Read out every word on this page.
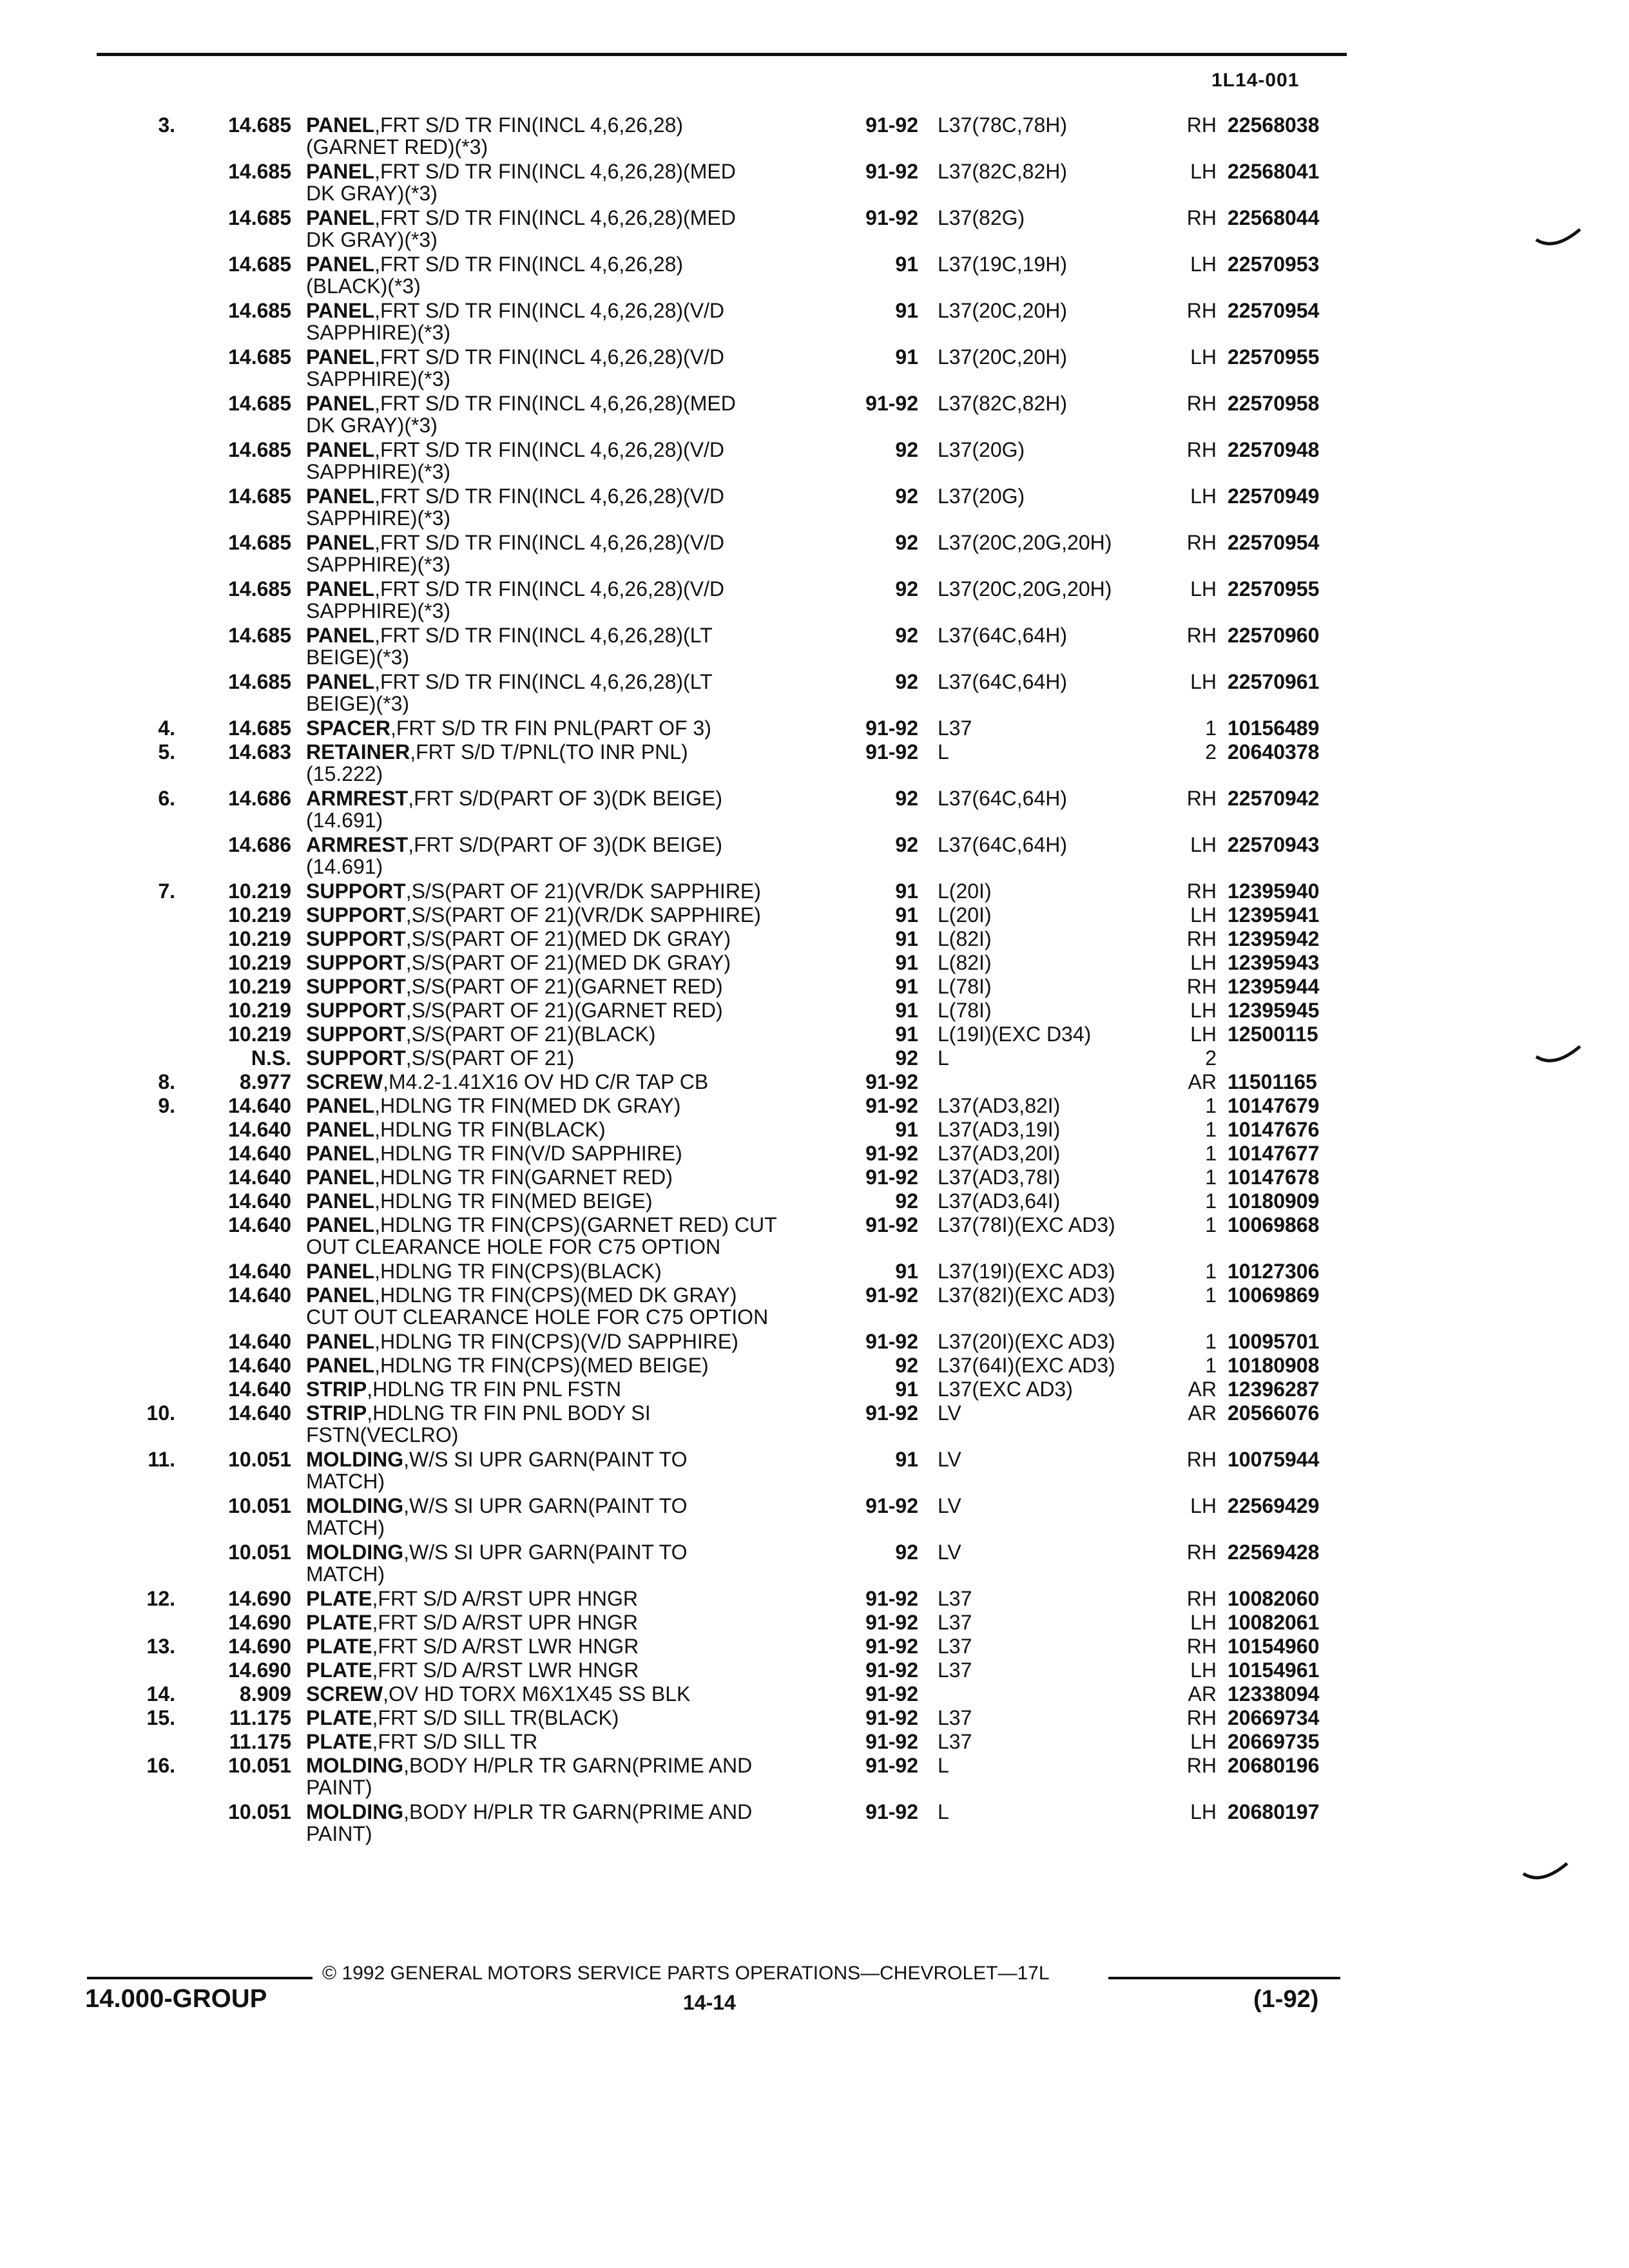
1L14-001
3.	14.685 PANEL,FRT S/D TR FIN(INCL 4,6,26,28)
(GARNET RED)(*3)
91-92 L37(78C,78H)	RH 22568038
14.685 PANEL,FRT S/D TR FIN(INCL 4,6,26,28)(MED
DK GRAY)(*3)
91-92 L37(82C,82H)	LH 22568041
14.685 PANEL,FRT S/D TR FIN(INCL 4,6,26,28)(MED
DK GRAY)(*3)
91-92 L37(82G)	RH 22568044
14.685 PANEL,FRT S/D TR FIN(INCL 4,6,26,28)
(BLACK)(*3)
91 L37(19C,19H)	LH 22570953
14.685 PANEL,FRT S/D TR FIN(INCL 4,6,26,28)(V/D
SAPPHIRE)(*3)
91 L37(20C,20H)	RH 22570954
14.685 PANEL,FRT S/D TR FIN(INCL 4,6,26,28)(V/D
SAPPHIRE)(*3)
91 L37(20C,20H)	LH 22570955
14.685 PANEL,FRT S/D TR FIN(INCL 4,6,26,28)(MED
DK GRAY)(*3)
91-92 L37(82C,82H)	RH 22570958
14.685 PANEL,FRT S/D TR FIN(INCL 4,6,26,28)(V/D
SAPPHIRE)(*3)
92 L37(20G)	RH 22570948
14.685 PANEL,FRT S/D TR FIN(INCL 4,6,26,28)(V/D
SAPPHIRE)(*3)
92 L37(20G)	LH 22570949
14.685 PANEL,FRT S/D TR FIN(INCL 4,6,26,28)(V/D
SAPPHIRE)(*3)
92 L37(20C,20G,20H)	RH 22570954
14.685 PANEL,FRT S/D TR FIN(INCL 4,6,26,28)(V/D
SAPPHIRE)(*3)
92 L37(20C,20G,20H)	LH 22570955
14.685 PANEL,FRT S/D TR FIN(INCL 4,6,26,28)(LT
BEIGE)(*3)
92 L37(64C,64H)	RH 22570960
14.685 PANEL,FRT S/D TR FIN(INCL 4,6,26,28)(LT
BEIGE)(*3)
92 L37(64C,64H)	LH 22570961
4.	14.685 SPACER,FRT S/D TR FIN PNL(PART OF 3)	91-92 L37	1 10156489
5.	14.683 RETAINER,FRT S/D T/PNL(TO INR PNL)
(15.222)
91-92 L	2 20640378
6.	14.686 ARMREST,FRT S/D(PART OF 3)(DK BEIGE)
(14.691)
92 L37(64C,64H)	RH 22570942
14.686 ARMREST,FRT S/D(PART OF 3)(DK BEIGE)
(14.691)
92 L37(64C,64H)	LH 22570943
7.	10.219 SUPPORT,S/S(PART OF 21)(VR/DK SAPPHIRE)	91 L(20I)	RH 12395940
10.219 SUPPORT,S/S(PART OF 21)(VR/DK SAPPHIRE)	91 L(20I)	LH 12395941
10.219 SUPPORT,S/S(PART OF 21)(MED DK GRAY)	91 L(82I)	RH 12395942
10.219 SUPPORT,S/S(PART OF 21)(MED DK GRAY)	91 L(82I)	LH 12395943
10.219 SUPPORT,S/S(PART OF 21)(GARNET RED)	91 L(78I)	RH 12395944
10.219 SUPPORT,S/S(PART OF 21)(GARNET RED)	91 L(78I)	LH 12395945
10.219 SUPPORT,S/S(PART OF 21)(BLACK)	91 L(19I)(EXC D34)	LH 12500115
N.S. SUPPORT,S/S(PART OF 21)	92 L	2
8.	8.977 SCREW,M4.2-1.41X16 OV HD C/R TAP CB	91-92	AR 11501165
9.	14.640 PANEL,HDLNG TR FIN(MED DK GRAY)	91-92 L37(AD3,82I)	1 10147679
14.640 PANEL,HDLNG TR FIN(BLACK)	91 L37(AD3,19I)	1 10147676
14.640 PANEL,HDLNG TR FIN(V/D SAPPHIRE)	91-92 L37(AD3,20I)	1 10147677
14.640 PANEL,HDLNG TR FIN(GARNET RED)	91-92 L37(AD3,78I)	1 10147678
14.640 PANEL,HDLNG TR FIN(MED BEIGE)	92 L37(AD3,64I)	1 10180909
14.640 PANEL,HDLNG TR FIN(CPS)(GARNET RED) CUT
OUT CLEARANCE HOLE FOR C75 OPTION
91-92 L37(78I)(EXC AD3)	1 10069868
14.640 PANEL,HDLNG TR FIN(CPS)(BLACK)	91 L37(19I)(EXC AD3)	1 10127306
14.640 PANEL,HDLNG TR FIN(CPS)(MED DK GRAY)
CUT OUT CLEARANCE HOLE FOR C75 OPTION
91-92 L37(82I)(EXC AD3)	1 10069869
14.640 PANEL,HDLNG TR FIN(CPS)(V/D SAPPHIRE)	91-92 L37(20I)(EXC AD3)	1 10095701
14.640 PANEL,HDLNG TR FIN(CPS)(MED BEIGE)	92 L37(64I)(EXC AD3)	1 10180908
14.640 STRIP,HDLNG TR FIN PNL FSTN	91 L37(EXC AD3)	AR 12396287
10.	14.640 STRIP,HDLNG TR FIN PNL BODY SI
FSTN(VECLRO)
91-92 LV	AR 20566076
11.	10.051 MOLDING,W/S SI UPR GARN(PAINT TO
MATCH)
91 LV	RH 10075944
10.051 MOLDING,W/S SI UPR GARN(PAINT TO
MATCH)
91-92 LV	LH 22569429
10.051 MOLDING,W/S SI UPR GARN(PAINT TO
MATCH)
92 LV	RH 22569428
12.	14.690 PLATE,FRT S/D A/RST UPR HNGR	91-92 L37	RH 10082060
14.690 PLATE,FRT S/D A/RST UPR HNGR	91-92 L37	LH 10082061
13.	14.690 PLATE,FRT S/D A/RST LWR HNGR	91-92 L37	RH 10154960
14.690 PLATE,FRT S/D A/RST LWR HNGR	91-92 L37	LH 10154961
14.	8.909 SCREW,OV HD TORX M6X1X45 SS BLK	91-92	AR 12338094
15.	11.175 PLATE,FRT S/D SILL TR(BLACK)	91-92 L37	RH 20669734
11.175 PLATE,FRT S/D SILL TR	91-92 L37	LH 20669735
16.	10.051 MOLDING,BODY H/PLR TR GARN(PRIME AND
PAINT)
91-92 L	RH 20680196
10.051 MOLDING,BODY H/PLR TR GARN(PRIME AND
PAINT)
91-92 L	LH 20680197
© 1992 GENERAL MOTORS SERVICE PARTS OPERATIONS—CHEVROLET—17L
14.000-GROUP	14-14	(1-92)
